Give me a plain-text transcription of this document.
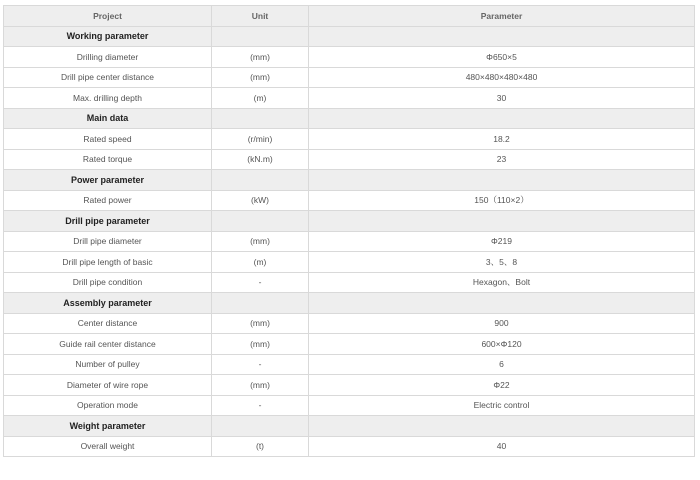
Project	Unit	Parameter
Working parameter		
Drilling diameter	(mm)	Φ650×5
Drill pipe center distance	(mm)	480×480×480×480
Max. drilling depth	(m)	30
Main data		
Rated speed	(r/min)	18.2
Rated torque	(kN.m)	23
Power parameter		
Rated power	(kW)	150（110×2）
Drill pipe parameter		
Drill pipe diameter	(mm)	Φ219
Drill pipe length of basic	(m)	3、5、8
Drill pipe condition	-	Hexagon、Bolt
Assembly parameter		
Center distance	(mm)	900
Guide rail center distance	(mm)	600×Φ120
Number of pulley	-	6
Diameter of wire rope	(mm)	Φ22
Operation mode	-	Electric control
Weight parameter		
Overall weight	(t)	40
